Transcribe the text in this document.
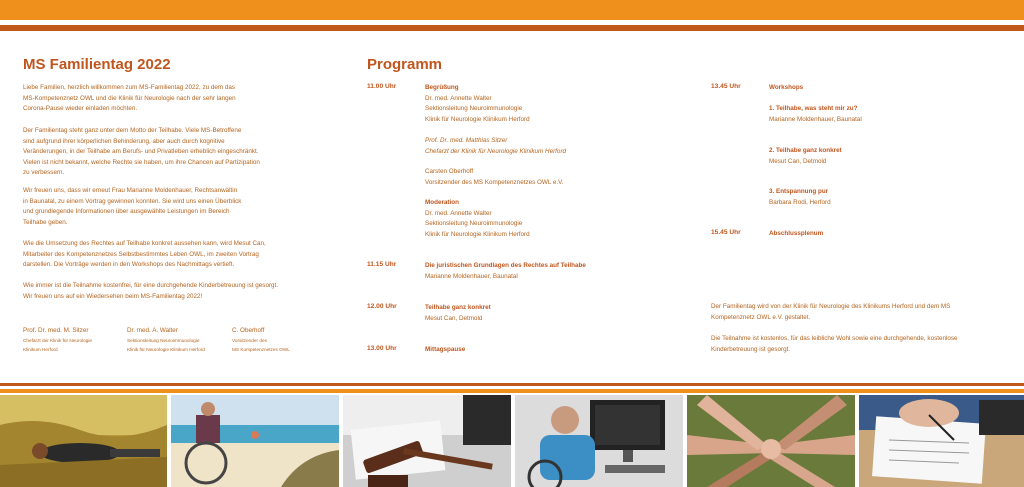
MS Familientag 2022
Liebe Familien, herzlich willkommen zum MS-Familientag 2022, zu dem das
MS-Kompetenznetz OWL und die Klinik für Neurologie nach der sehr langen
Corona-Pause wieder einladen möchten.
Der Familientag steht ganz unter dem Motto der Teilhabe. Viele MS-Betroffene
sind aufgrund ihrer körperlichen Behinderung, aber auch durch kognitive
Veränderungen, in der Teilhabe am Berufs- und Privatleben erheblich eingeschränkt.
Vielen ist nicht bekannt, welche Rechte sie haben, um ihre Chancen auf Partizipation
zu verbessern.
Wir freuen uns, dass wir erneut Frau Marianne Moldenhauer, Rechtsanwältin
in Baunatal, zu einem Vortrag gewinnen konnten. Sie wird uns einen Überblick
und grundlegende Informationen über ausgewählte Leistungen im Bereich
Teilhabe geben.
Wie die Umsetzung des Rechtes auf Teilhabe konkret aussehen kann, wird Mesut Can,
Mitarbeiter des Kompetenznetzes Selbstbestimmtes Leben OWL, im zweiten Vortrag
darstellen. Die Vorträge werden in den Workshops des Nachmittags vertieft.
Wie immer ist die Teilnahme kostenfrei, für eine durchgehende Kinderbetreuung ist gesorgt.
Wir freuen uns auf ein Wiedersehen beim MS-Familientag 2022!
Prof. Dr. med. M. Sitzer
Chefarzt der Klinik für Neurologie
Klinikum Herford
Dr. med. A. Walter
Sektionsleitung Neuroimmunologie
Klinik für Neurologie Klinikum Herford
C. Oberhoff
Vorsitzender des
MS Kompetenznetzes OWL
Programm
11.00 Uhr	Begrüßung
Dr. med. Annette Walter
Sektionsleitung Neuroimmunologie
Klinik für Neurologie Klinikum Herford
Prof. Dr. med. Matthias Sitzer
Chefarzt der Klinik für Neurologie Klinikum Herford
Carsten Oberhoff
Vorsitzender des MS Kompetenznetzes OWL e.V.
Moderation
Dr. med. Annette Walter
Sektionsleitung Neuroimmunologie
Klinik für Neurologie Klinikum Herford
11.15 Uhr	Die juristischen Grundlagen des Rechtes auf Teilhabe
Marianne Moldenhauer, Baunatal
12.00 Uhr	Teilhabe ganz konkret
Mesut Can, Detmold
13.00 Uhr	Mittagspause
13.45 Uhr	Workshops
1. Teilhabe, was steht mir zu?
Marianne Moldenhauer, Baunatal
2. Teilhabe ganz konkret
Mesut Can, Detmold
3. Entspannung pur
Barbara Rodi, Herford
15.45 Uhr	Abschlussplenum
Der Familientag wird von der Klinik für Neurologie des Klinikums Herford und dem MS
Kompetenznetz OWL e.V. gestaltet.
Die Teilnahme ist kostenlos, für das leibliche Wohl sowie eine durchgehende, kostenlose
Kinderbetreuung ist gesorgt.
